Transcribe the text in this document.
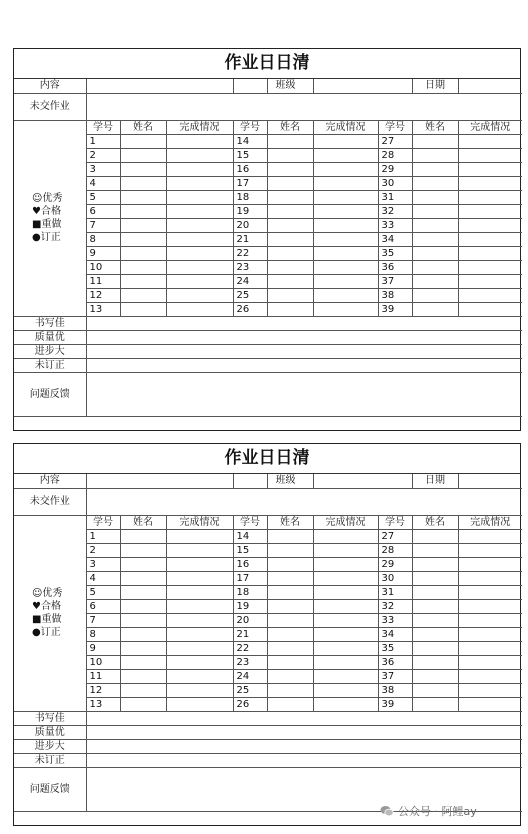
作业日日清
内容					班级			日期	
未交作业									

☺优秀
♥合格
■重做
●订正	学号	姓名	完成情况	学号	姓名	完成情况	学号	姓名	完成情况
	1			14			27		
	2			15			28		
	3			16			29		
	4			17			30		
	5			18			31		
	6			19			32		
	7			20			33		
	8			21			34		
	9			22			35		
	10			23			36		
	11			24			37		
	12			25			38		
	13			26			39		
书写佳									
质量优									
进步大									
未订正									
问题反馈									
作业日日清
内容					班级			日期	
未交作业									

☺优秀
♥合格
■重做
●订正	学号	姓名	完成情况	学号	姓名	完成情况	学号	姓名	完成情况
	1			14			27		
	2			15			28		
	3			16			29		
	4			17			30		
	5			18			31		
	6			19			32		
	7			20			33		
	8			21			34		
	9			22			35		
	10			23			36		
	11			24			37		
	12			25			38		
	13			26			39		
书写佳									
质量优									
进步大									
未订正									
问题反馈									
公众号 · 阿鲤ay
